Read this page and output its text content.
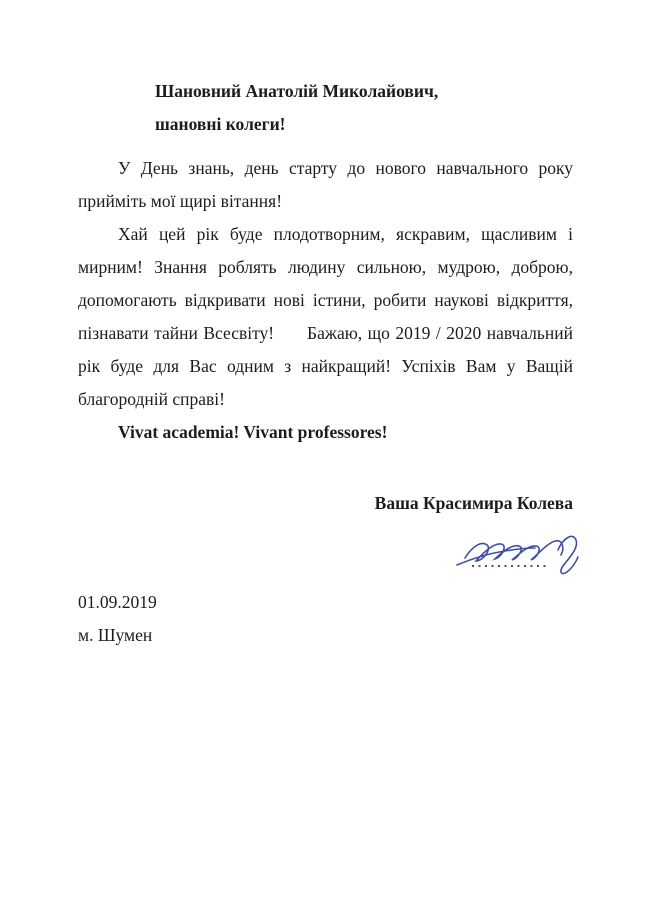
Шановний Анатолій Миколайович,
шановні колеги!
У День знань, день старту до нового навчального року
прийміть мої щирі вітання!
Хай цей рік буде плодотворним, яскравим, щасливим і
мирним! Знання роблять людину сильною, мудрою, доброю,
допомогають відкривати нові істини, робити наукові відкриття,
пізнавати тайни Всесвіту!      Бажаю, що 2019 / 2020 навчальний
рік буде для Вас одним з найкращий! Успіхів Вам у Ващій
благородній справі!
Vivat academia! Vivant professores!
Ваша Красимира Колева
01.09.2019
м. Шумен
